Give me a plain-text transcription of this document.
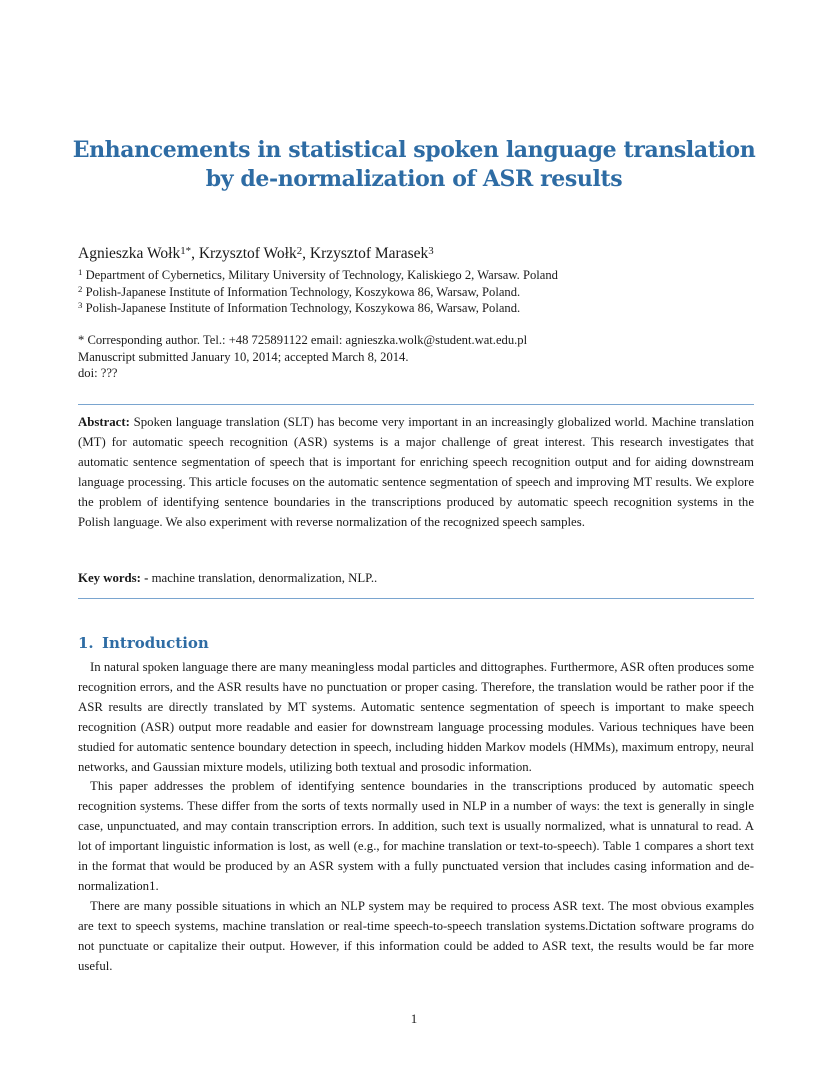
Enhancements in statistical spoken language translation by de-normalization of ASR results
Agnieszka Wołk$^{1*}$, Krzysztof Wołk$^2$, Krzysztof Marasek$^3$
$^1$ Department of Cybernetics, Military University of Technology, Kaliskiego 2, Warsaw. Poland
$^2$ Polish-Japanese Institute of Information Technology, Koszykowa 86, Warsaw, Poland.
$^3$ Polish-Japanese Institute of Information Technology, Koszykowa 86, Warsaw, Poland.
* Corresponding author. Tel.: +48 725891122 email: agnieszka.wolk@student.wat.edu.pl
Manuscript submitted January 10, 2014; accepted March 8, 2014.
doi: ???
Abstract: Spoken language translation (SLT) has become very important in an increasingly globalized world. Machine translation (MT) for automatic speech recognition (ASR) systems is a major challenge of great interest. This research investigates that automatic sentence segmentation of speech that is important for enriching speech recognition output and for aiding downstream language processing. This article focuses on the automatic sentence segmentation of speech and improving MT results. We explore the problem of identifying sentence boundaries in the transcriptions produced by automatic speech recognition systems in the Polish language. We also experiment with reverse normalization of the recognized speech samples.
Key words: - machine translation, denormalization, NLP..
1. Introduction

In natural spoken language there are many meaningless modal particles and dittographes. Furthermore, ASR often produces some recognition errors, and the ASR results have no punctuation or proper casing. Therefore, the translation would be rather poor if the ASR results are directly translated by MT systems. Automatic sentence segmentation of speech is important to make speech recognition (ASR) output more readable and easier for downstream language processing modules. Various techniques have been studied for automatic sentence boundary detection in speech, including hidden Markov models (HMMs), maximum entropy, neural networks, and Gaussian mixture models, utilizing both textual and prosodic information.

This paper addresses the problem of identifying sentence boundaries in the transcriptions produced by automatic speech recognition systems. These differ from the sorts of texts normally used in NLP in a number of ways: the text is generally in single case, unpunctuated, and may contain transcription errors. In addition, such text is usually normalized, what is unnatural to read. A lot of important linguistic information is lost, as well (e.g., for machine translation or text-to-speech). Table 1 compares a short text in the format that would be produced by an ASR system with a fully punctuated version that includes casing information and de-normalization1.

There are many possible situations in which an NLP system may be required to process ASR text. The most obvious examples are text to speech systems, machine translation or real-time speech-to-speech translation systems.Dictation software programs do not punctuate or capitalize their output. However, if this information could be added to ASR text, the results would be far more useful.

1
